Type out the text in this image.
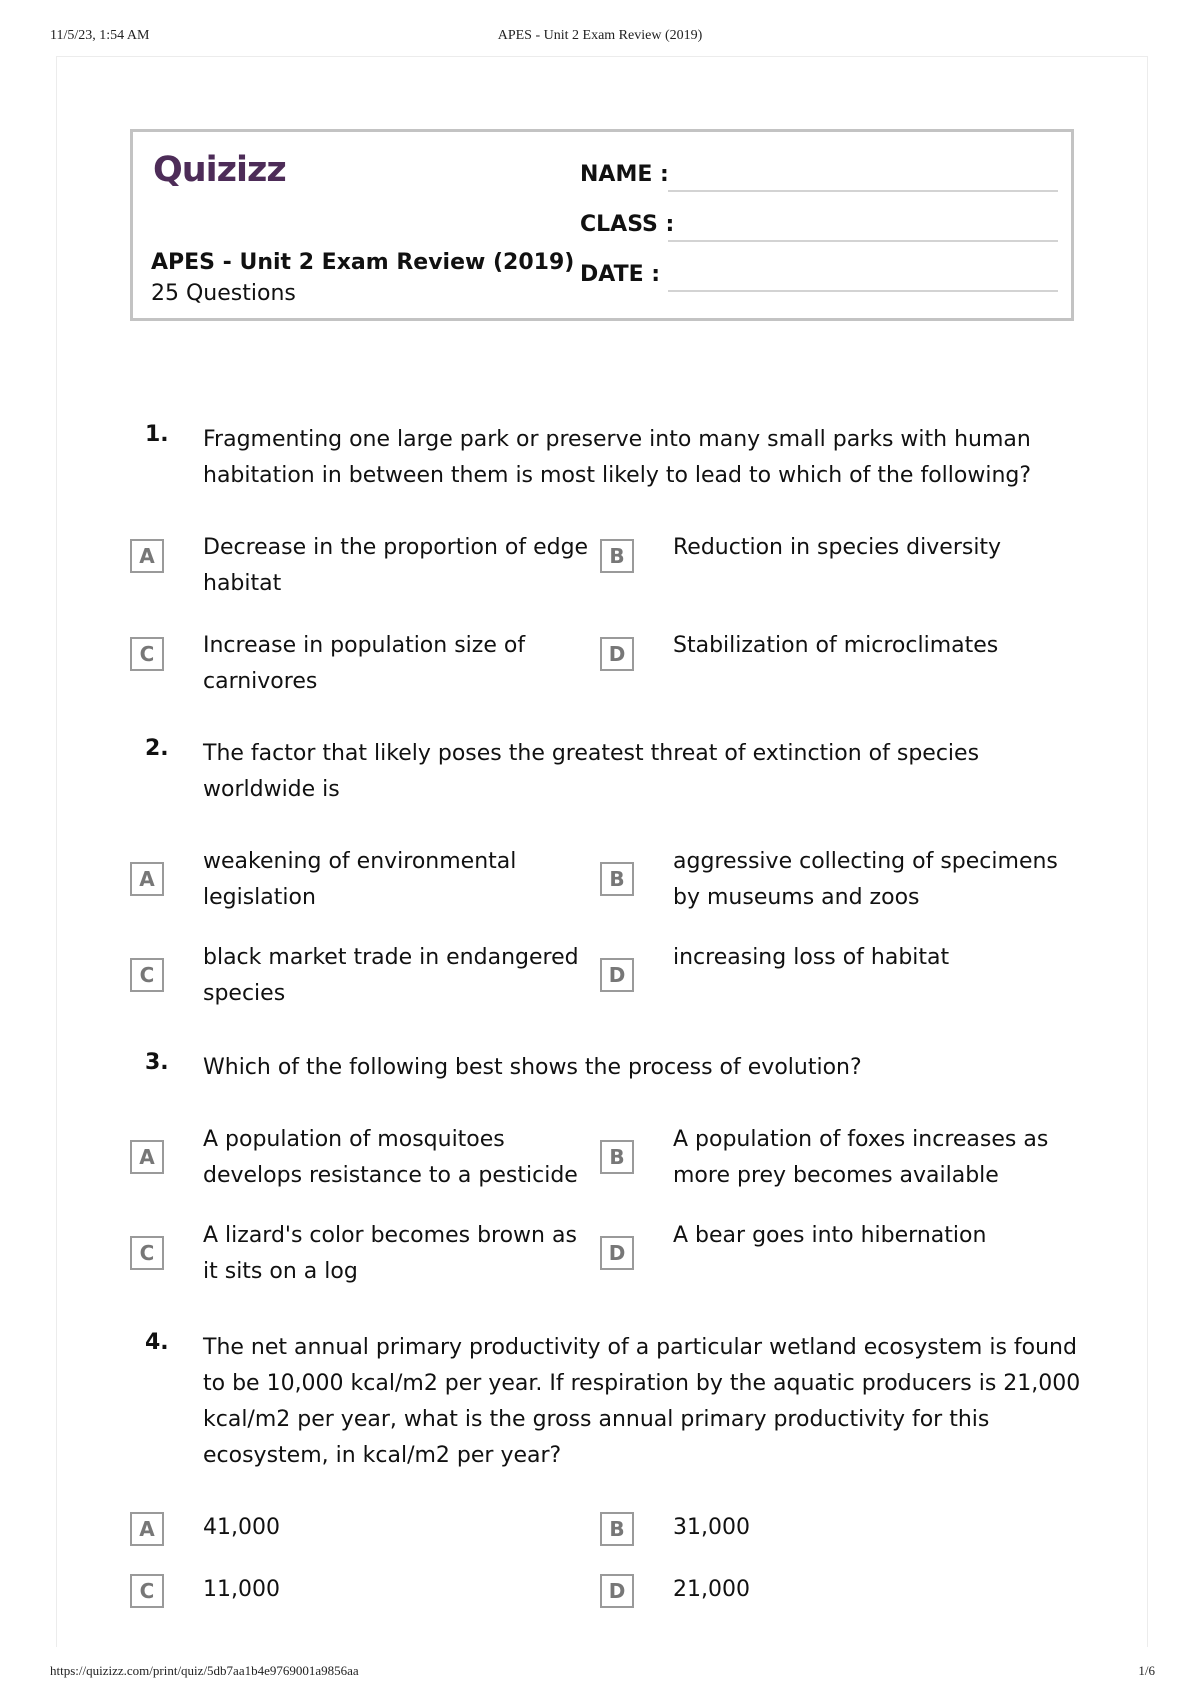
11/5/23, 1:54 AM	APES - Unit 2 Exam Review (2019)
Quizizz
APES - Unit 2 Exam Review (2019)
25 Questions
NAME :
CLASS :
DATE :
1. Fragmenting one large park or preserve into many small parks with human habitation in between them is most likely to lead to which of the following?
A	Decrease in the proportion of edge habitat
B	Reduction in species diversity
C	Increase in population size of carnivores
D	Stabilization of microclimates
2. The factor that likely poses the greatest threat of extinction of species worldwide is
A
weakening of environmental legislation
B
aggressive collecting of specimens by museums and zoos
C
black market trade in endangered species
D
increasing loss of habitat
3. Which of the following best shows the process of evolution?
A
A population of mosquitoes develops resistance to a pesticide
B
A population of foxes increases as more prey becomes available
C
A lizard's color becomes brown as it sits on a log
D
A bear goes into hibernation
4. The net annual primary productivity of a particular wetland ecosystem is found to be 10,000 kcal/m2 per year. If respiration by the aquatic producers is 21,000 kcal/m2 per year, what is the gross annual primary productivity for this ecosystem, in kcal/m2 per year?
A	41,000	B	31,000
C	11,000	D	21,000
https://quizizz.com/print/quiz/5db7aa1b4e9769001a9856aa	1/6
